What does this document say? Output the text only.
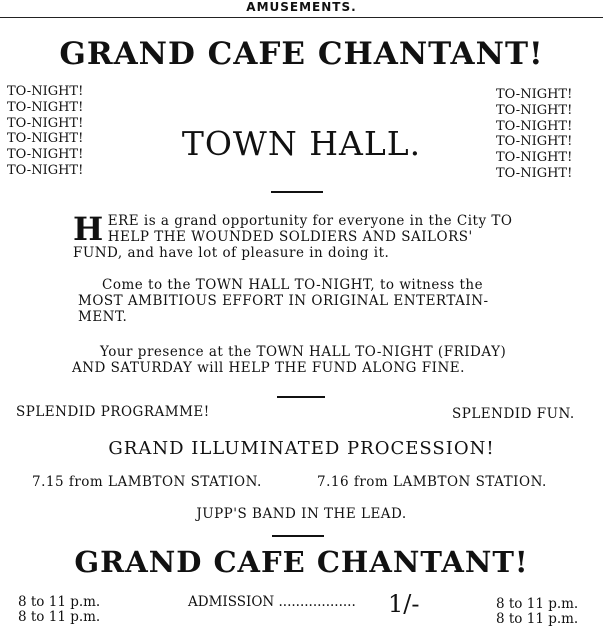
AMUSEMENTS.
GRAND CAFE CHANTANT!
TO-NIGHT!
TO-NIGHT!
TO-NIGHT!
TO-NIGHT!
TO-NIGHT!
TO-NIGHT!
TO-NIGHT!
TO-NIGHT!
TO-NIGHT!
TO-NIGHT!
TO-NIGHT!
TO-NIGHT!
TOWN HALL.
H ERE is a grand opportunity for everyone in the City TO HELP THE WOUNDED SOLDIERS AND SAILORS' FUND, and have lot of pleasure in doing it.
Come to the TOWN HALL TO-NIGHT, to witness the MOST AMBITIOUS EFFORT IN ORIGINAL ENTERTAIN-MENT.
Your presence at the TOWN HALL TO-NIGHT (FRIDAY) AND SATURDAY will HELP THE FUND ALONG FINE.
SPLENDID PROGRAMME!	SPLENDID FUN.
GRAND ILLUMINATED PROCESSION!
7.15 from LAMBTON STATION.	7.16 from LAMBTON STATION.
JUPP'S BAND IN THE LEAD.
GRAND CAFE CHANTANT!
8 to 11 p.m.
8 to 11 p.m.
ADMISSION .................. 1/-	8 to 11 p.m.
8 to 11 p.m.
